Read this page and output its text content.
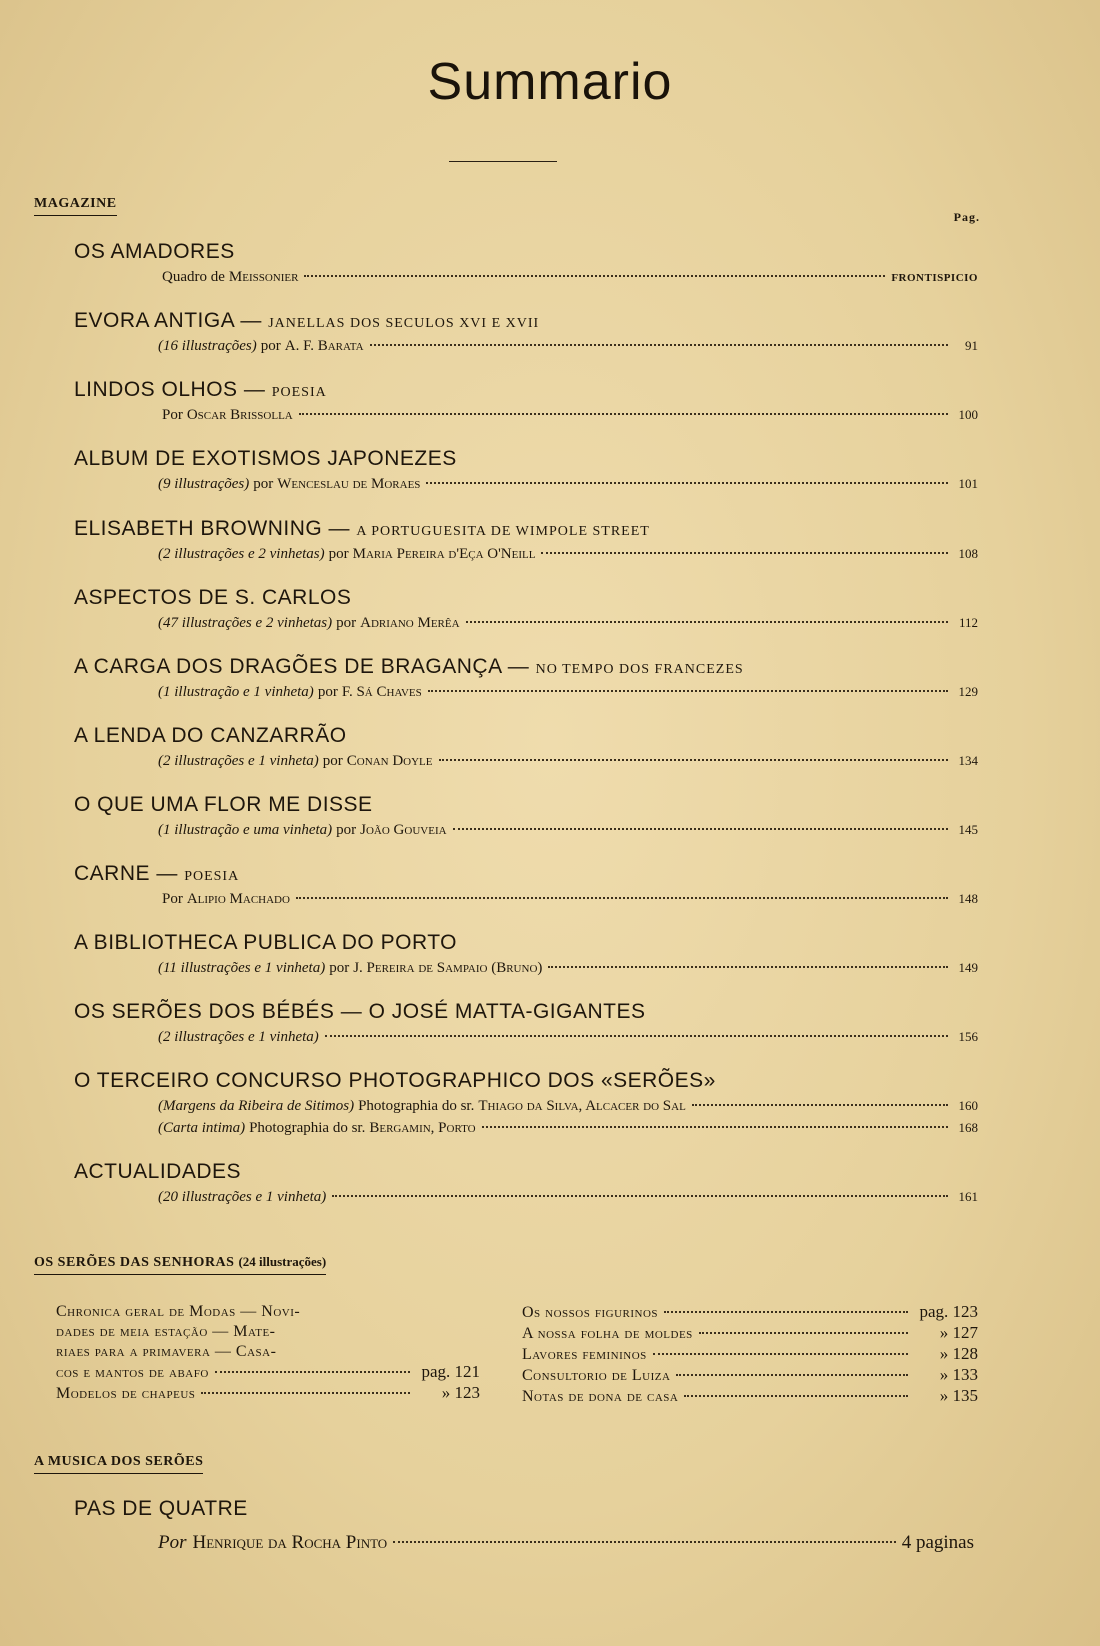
Summario
MAGAZINE
Pag.
OS AMADORES
Quadro de Meissonier	FRONTISPICIO
EVORA ANTIGA — JANELLAS DOS SECULOS XVI E XVII
(16 illustrações) por A. F. Barata	91
LINDOS OLHOS — POESIA
Por Oscar Brissolla	100
ALBUM DE EXOTISMOS JAPONEZES
(9 illustrações) por Wenceslau de Moraes	101
ELISABETH BROWNING — A PORTUGUESITA DE WIMPOLE STREET
(2 illustrações e 2 vinhetas) por Maria Pereira d'Eça O'Neill	108
ASPECTOS DE S. CARLOS
(47 illustrações e 2 vinhetas) por Adriano Merêa	112
A CARGA DOS DRAGÕES DE BRAGANÇA — NO TEMPO DOS FRANCEZES
(1 illustração e 1 vinheta) por F. Sá Chaves	129
A LENDA DO CANZARRÃO
(2 illustrações e 1 vinheta) por Conan Doyle	134
O QUE UMA FLOR ME DISSE
(1 illustração e uma vinheta) por João Gouveia	145
CARNE — POESIA
Por Alipio Machado	148
A BIBLIOTHECA PUBLICA DO PORTO
(11 illustrações e 1 vinheta) por J. Pereira de Sampaio (Bruno)	149
OS SERÕES DOS BÉBÉS — O JOSÉ MATTA-GIGANTES
(2 illustrações e 1 vinheta)	156
O TERCEIRO CONCURSO PHOTOGRAPHICO DOS «SERÕES»
(Margens da Ribeira de Sitimos) Photographia do sr. Thiago da Silva, Alcacer do Sal	160
(Carta intima) Photographia do sr. Bergamin, Porto	168
ACTUALIDADES
(20 illustrações e 1 vinheta)	161
OS SERÕES DAS SENHORAS (24 illustrações)
Chronica geral de Modas — Novi-
dades de meia estação — Mate-
riaes para a primavera — Casa-
cos e mantos de abafo	pag. 121
Modelos de chapeus	» 123
Os nossos figurinos	pag. 123
A nossa folha de moldes	» 127
Lavores femininos	» 128
Consultorio de Luiza	» 133
Notas de dona de casa	» 135
A MUSICA DOS SERÕES
PAS DE QUATRE
Por Henrique da Rocha Pinto	4 paginas
